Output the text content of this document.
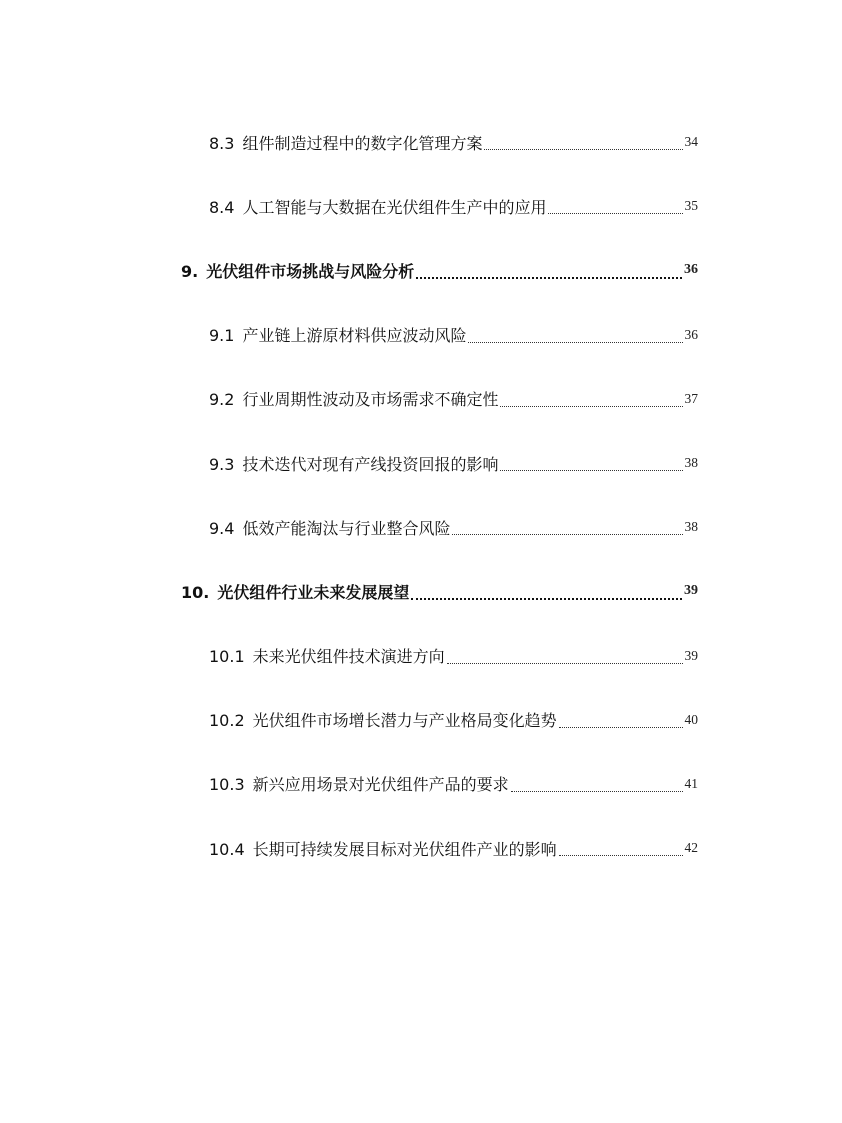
8.3 组件制造过程中的数字化管理方案	34
8.4 人工智能与大数据在光伏组件生产中的应用	35
9. 光伏组件市场挑战与风险分析	36
9.1 产业链上游原材料供应波动风险	36
9.2 行业周期性波动及市场需求不确定性	37
9.3 技术迭代对现有产线投资回报的影响	38
9.4 低效产能淘汰与行业整合风险	38
10. 光伏组件行业未来发展展望	39
10.1 未来光伏组件技术演进方向	39
10.2 光伏组件市场增长潜力与产业格局变化趋势	40
10.3 新兴应用场景对光伏组件产品的要求	41
10.4 长期可持续发展目标对光伏组件产业的影响	42
